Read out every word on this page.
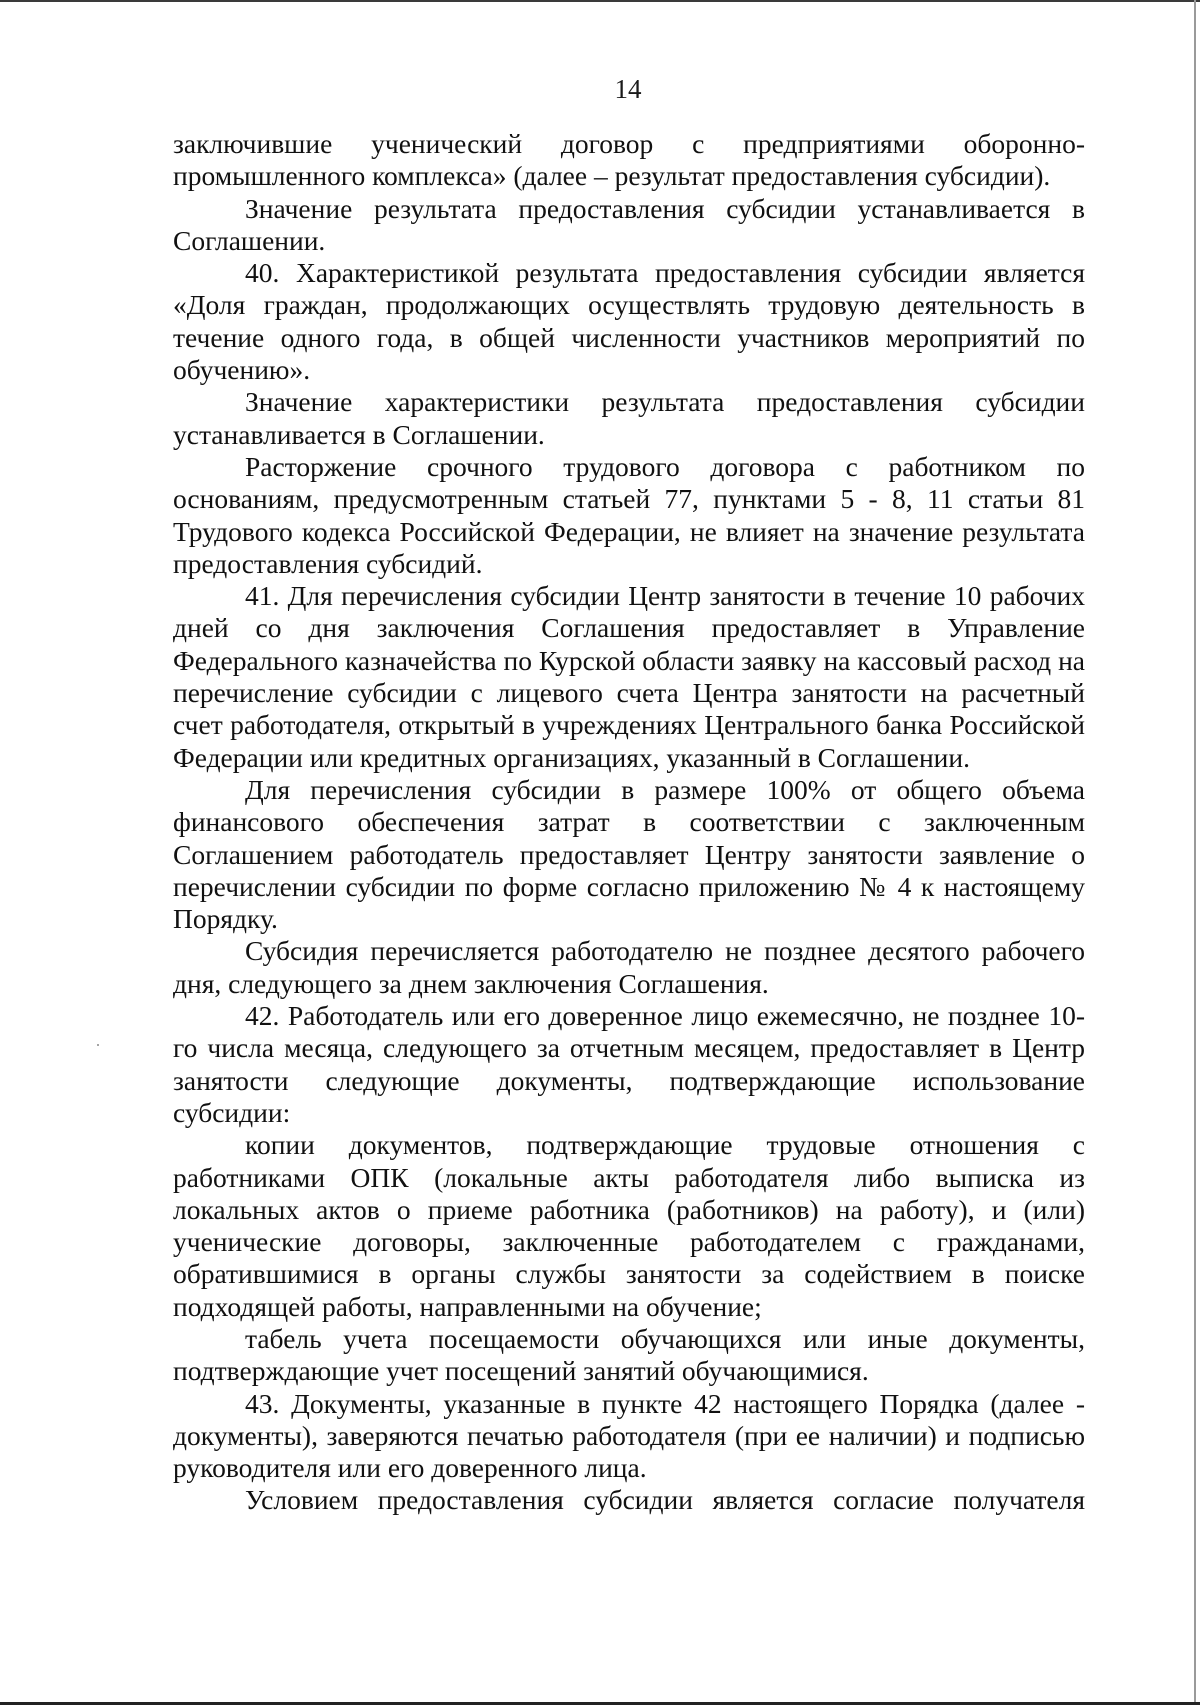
14

заключившие ученический договор с предприятиями оборонно-промышленного комплекса» (далее – результат предоставления субсидии).

Значение результата предоставления субсидии устанавливается в Соглашении.

40. Характеристикой результата предоставления субсидии является «Доля граждан, продолжающих осуществлять трудовую деятельность в течение одного года, в общей численности участников мероприятий по обучению».

Значение характеристики результата предоставления субсидии устанавливается в Соглашении.

Расторжение срочного трудового договора с работником по основаниям, предусмотренным статьей 77, пунктами 5 - 8, 11 статьи 81 Трудового кодекса Российской Федерации, не влияет на значение результата предоставления субсидий.

41. Для перечисления субсидии Центр занятости в течение 10 рабочих дней со дня заключения Соглашения предоставляет в Управление Федерального казначейства по Курской области заявку на кассовый расход на перечисление субсидии с лицевого счета Центра занятости на расчетный счет работодателя, открытый в учреждениях Центрального банка Российской Федерации или кредитных организациях, указанный в Соглашении.

Для перечисления субсидии в размере 100% от общего объема финансового обеспечения затрат в соответствии с заключенным Соглашением работодатель предоставляет Центру занятости заявление о перечислении субсидии по форме согласно приложению № 4 к настоящему Порядку.

Субсидия перечисляется работодателю не позднее десятого рабочего дня, следующего за днем заключения Соглашения.

42. Работодатель или его доверенное лицо ежемесячно, не позднее 10-го числа месяца, следующего за отчетным месяцем, предоставляет в Центр занятости следующие документы, подтверждающие использование субсидии:

копии документов, подтверждающие трудовые отношения с работниками ОПК (локальные акты работодателя либо выписка из локальных актов о приеме работника (работников) на работу), и (или) ученические договоры, заключенные работодателем с гражданами, обратившимися в органы службы занятости за содействием в поиске подходящей работы, направленными на обучение;

табель учета посещаемости обучающихся или иные документы, подтверждающие учет посещений занятий обучающимися.

43. Документы, указанные в пункте 42 настоящего Порядка (далее - документы), заверяются печатью работодателя (при ее наличии) и подписью руководителя или его доверенного лица.

Условием предоставления субсидии является согласие получателя
